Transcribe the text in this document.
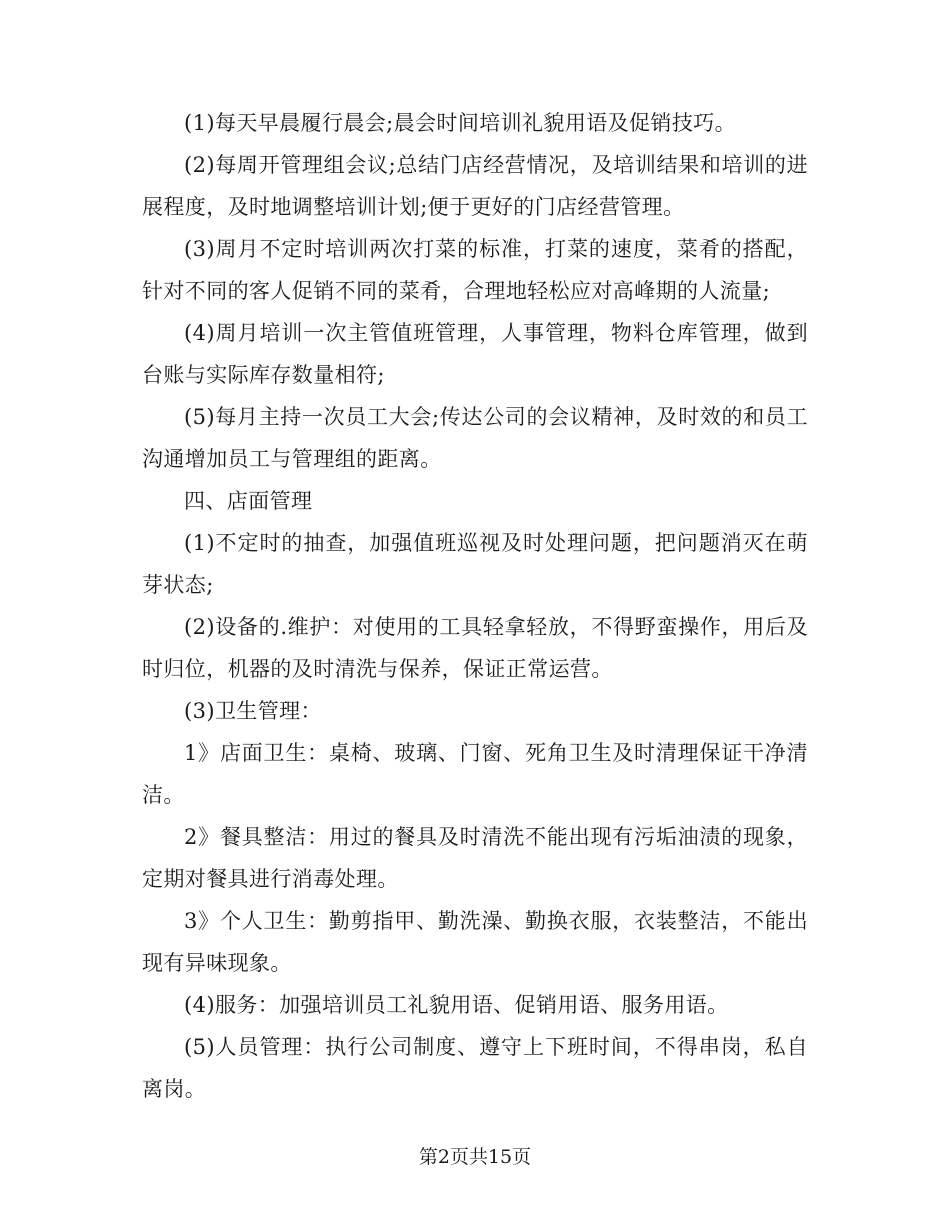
(1)每天早晨履行晨会;晨会时间培训礼貌用语及促销技巧。

(2)每周开管理组会议;总结门店经营情况，及培训结果和培训的进展程度，及时地调整培训计划;便于更好的门店经营管理。

(3)周月不定时培训两次打菜的标准，打菜的速度，菜肴的搭配，针对不同的客人促销不同的菜肴，合理地轻松应对高峰期的人流量;

(4)周月培训一次主管值班管理，人事管理，物料仓库管理，做到台账与实际库存数量相符;

(5)每月主持一次员工大会;传达公司的会议精神，及时效的和员工沟通增加员工与管理组的距离。

四、店面管理

(1)不定时的抽查，加强值班巡视及时处理问题，把问题消灭在萌芽状态;

(2)设备的.维护：对使用的工具轻拿轻放，不得野蛮操作，用后及时归位，机器的及时清洗与保养，保证正常运营。

(3)卫生管理：

1》店面卫生：桌椅、玻璃、门窗、死角卫生及时清理保证干净清洁。

2》餐具整洁：用过的餐具及时清洗不能出现有污垢油渍的现象，定期对餐具进行消毒处理。

3》个人卫生：勤剪指甲、勤洗澡、勤换衣服，衣装整洁，不能出现有异味现象。

(4)服务：加强培训员工礼貌用语、促销用语、服务用语。

(5)人员管理：执行公司制度、遵守上下班时间，不得串岗，私自离岗。

第2页共15页
